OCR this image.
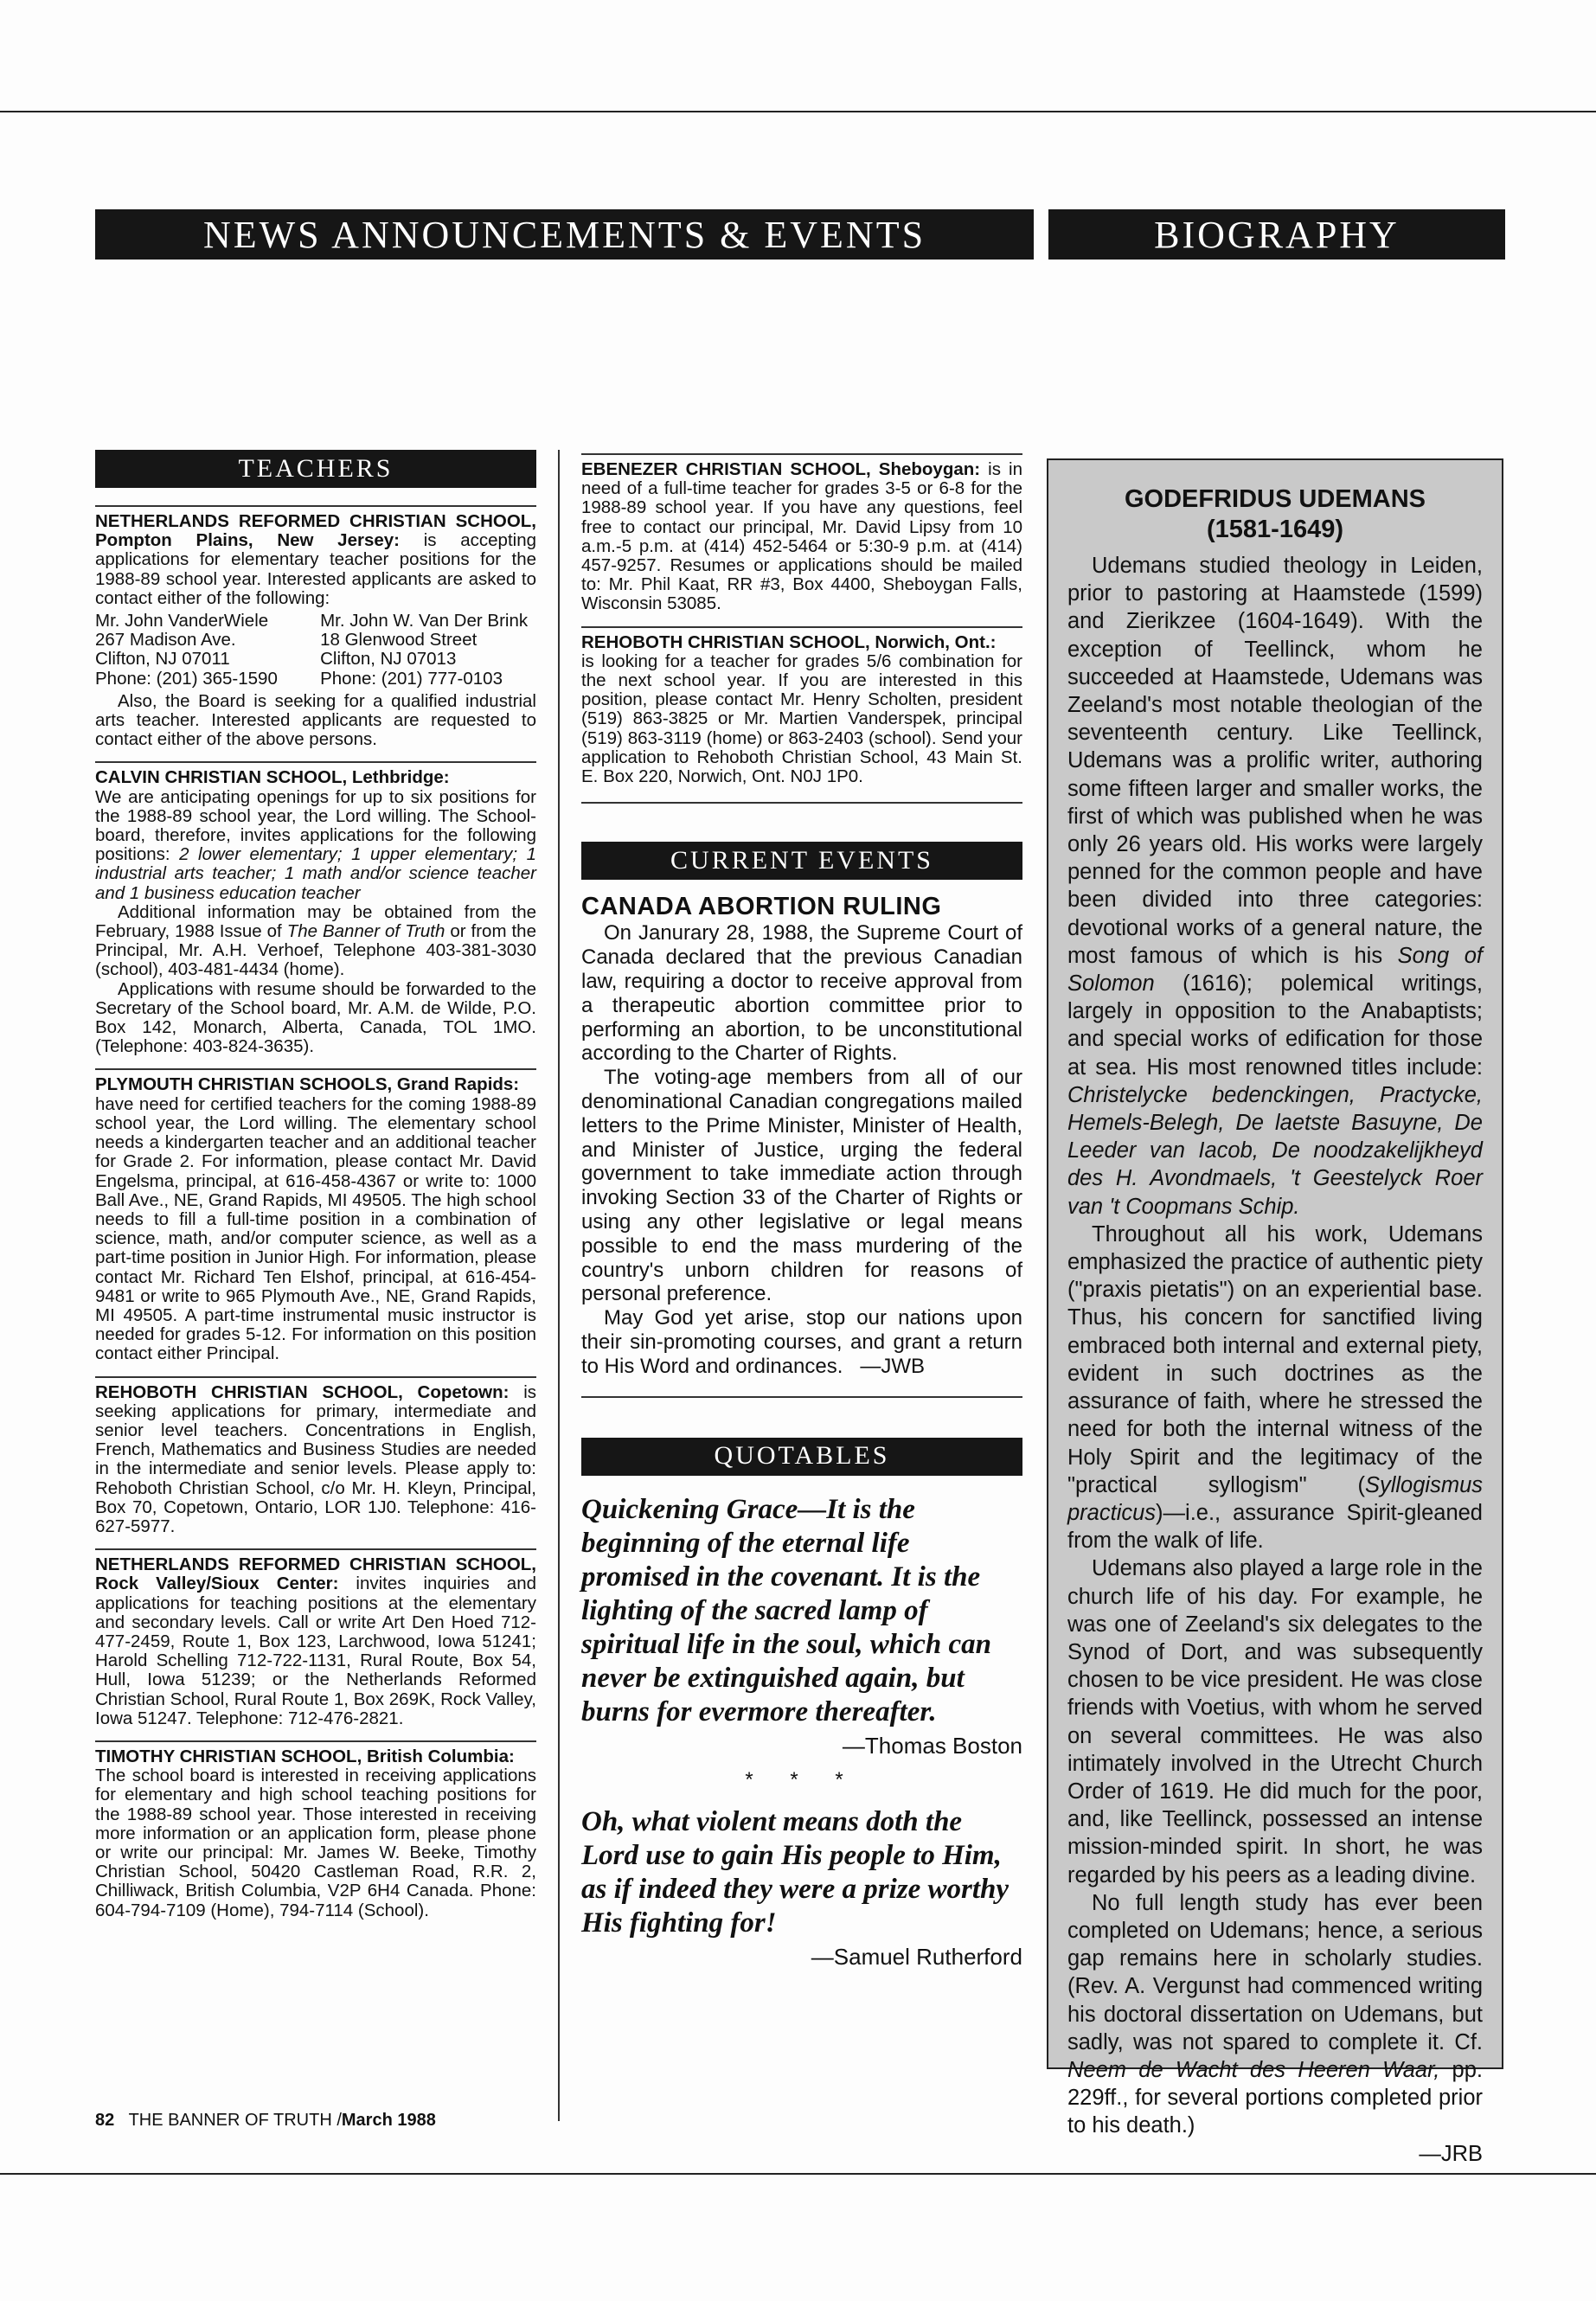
NEWS ANNOUNCEMENTS & EVENTS	BIOGRAPHY
TEACHERS

NETHERLANDS REFORMED CHRISTIAN SCHOOL, Pompton Plains, New Jersey: is accepting applications for elementary teacher positions for the 1988-89 school year. Interested applicants are asked to contact either of the following:

Mr. John VanderWiele
267 Madison Ave.
Clifton, NJ 07011
Phone: (201) 365-1590
Mr. John W. Van Der Brink
18 Glenwood Street
Clifton, NJ 07013
Phone: (201) 777-0103

Also, the Board is seeking for a qualified industrial arts teacher. Interested applicants are requested to contact either of the above persons.

CALVIN CHRISTIAN SCHOOL, Lethbridge:
We are anticipating openings for up to six positions for the 1988-89 school year, the Lord willing. The School-board, therefore, invites applications for the following positions: 2 lower elementary; 1 upper elementary; 1 industrial arts teacher; 1 math and/or science teacher and 1 business education teacher

Additional information may be obtained from the February, 1988 Issue of The Banner of Truth or from the Principal, Mr. A.H. Verhoef, Telephone 403-381-3030 (school), 403-481-4434 (home).

Applications with resume should be forwarded to the Secretary of the School board, Mr. A.M. de Wilde, P.O. Box 142, Monarch, Alberta, Canada, TOL 1MO. (Telephone: 403-824-3635).

PLYMOUTH CHRISTIAN SCHOOLS, Grand Rapids:
have need for certified teachers for the coming 1988-89 school year, the Lord willing. The elementary school needs a kindergarten teacher and an additional teacher for Grade 2. For information, please contact Mr. David Engelsma, principal, at 616-458-4367 or write to: 1000 Ball Ave., NE, Grand Rapids, MI 49505. The high school needs to fill a full-time position in a combination of science, math, and/or computer science, as well as a part-time position in Junior High. For information, please contact Mr. Richard Ten Elshof, principal, at 616-454-9481 or write to 965 Plymouth Ave., NE, Grand Rapids, MI 49505. A part-time instrumental music instructor is needed for grades 5-12. For information on this position contact either Principal.

REHOBOTH CHRISTIAN SCHOOL, Copetown: is seeking applications for primary, intermediate and senior level teachers. Concentrations in English, French, Mathematics and Business Studies are needed in the intermediate and senior levels. Please apply to: Rehoboth Christian School, c/o Mr. H. Kleyn, Principal, Box 70, Copetown, Ontario, LOR 1J0. Telephone: 416-627-5977.

NETHERLANDS REFORMED CHRISTIAN SCHOOL, Rock Valley/Sioux Center: invites inquiries and applications for teaching positions at the elementary and secondary levels. Call or write Art Den Hoed 712-477-2459, Route 1, Box 123, Larchwood, Iowa 51241; Harold Schelling 712-722-1131, Rural Route, Box 54, Hull, Iowa 51239; or the Netherlands Reformed Christian School, Rural Route 1, Box 269K, Rock Valley, Iowa 51247. Telephone: 712-476-2821.

TIMOTHY CHRISTIAN SCHOOL, British Columbia:
The school board is interested in receiving applications for elementary and high school teaching positions for the 1988-89 school year. Those interested in receiving more information or an application form, please phone or write our principal: Mr. James W. Beeke, Timothy Christian School, 50420 Castleman Road, R.R. 2, Chilliwack, British Columbia, V2P 6H4 Canada. Phone: 604-794-7109 (Home), 794-7114 (School).

EBENEZER CHRISTIAN SCHOOL, Sheboygan: is in need of a full-time teacher for grades 3-5 or 6-8 for the 1988-89 school year. If you have any questions, feel free to contact our principal, Mr. David Lipsy from 10 a.m.-5 p.m. at (414) 452-5464 or 5:30-9 p.m. at (414) 457-9257. Resumes or applications should be mailed to: Mr. Phil Kaat, RR #3, Box 4400, Sheboygan Falls, Wisconsin 53085.

REHOBOTH CHRISTIAN SCHOOL, Norwich, Ont.:
is looking for a teacher for grades 5/6 combination for the next school year. If you are interested in this position, please contact Mr. Henry Scholten, president (519) 863-3825 or Mr. Martien Vanderspek, principal (519) 863-3119 (home) or 863-2403 (school). Send your application to Rehoboth Christian School, 43 Main St. E. Box 220, Norwich, Ont. N0J 1P0.

CURRENT EVENTS
CANADA ABORTION RULING

On Janurary 28, 1988, the Supreme Court of Canada declared that the previous Canadian law, requiring a doctor to receive approval from a therapeutic abortion committee prior to performing an abortion, to be unconstitutional according to the Charter of Rights.

The voting-age members from all of our denominational Canadian congregations mailed letters to the Prime Minister, Minister of Health, and Minister of Justice, urging the federal government to take immediate action through invoking Section 33 of the Charter of Rights or using any other legislative or legal means possible to end the mass murdering of the country's unborn children for reasons of personal preference.

May God yet arise, stop our nations upon their sin-promoting courses, and grant a return to His Word and ordinances. —JWB

QUOTABLES
Quickening Grace—It is the beginning of the eternal life promised in the covenant. It is the lighting of the sacred lamp of spiritual life in the soul, which can never be extinguished again, but burns for evermore thereafter.
—Thomas Boston
* * *
Oh, what violent means doth the Lord use to gain His people to Him, as if indeed they were a prize worthy His fighting for!
—Samuel Rutherford
GODEFRIDUS UDEMANS
(1581-1649)

Udemans studied theology in Leiden, prior to pastoring at Haamstede (1599) and Zierikzee (1604-1649). With the exception of Teellinck, whom he succeeded at Haamstede, Udemans was Zeeland's most notable theologian of the seventeenth century. Like Teellinck, Udemans was a prolific writer, authoring some fifteen larger and smaller works, the first of which was published when he was only 26 years old. His works were largely penned for the common people and have been divided into three categories: devotional works of a general nature, the most famous of which is his Song of Solomon (1616); polemical writings, largely in opposition to the Anabaptists; and special works of edification for those at sea. His most renowned titles include: Christelycke bedenckingen, Practycke, Hemels-Belegh, De laetste Basuyne, De Leeder van Iacob, De noodzakelijkheyd des H. Avondmaels, 't Geestelyck Roer van 't Coopmans Schip.

Throughout all his work, Udemans emphasized the practice of authentic piety ("praxis pietatis") on an experiential base. Thus, his concern for sanctified living embraced both internal and external piety, evident in such doctrines as the assurance of faith, where he stressed the need for both the internal witness of the Holy Spirit and the legitimacy of the "practical syllogism" (Syllogismus practicus)—i.e., assurance Spirit-gleaned from the walk of life.

Udemans also played a large role in the church life of his day. For example, he was one of Zeeland's six delegates to the Synod of Dort, and was subsequently chosen to be vice president. He was close friends with Voetius, with whom he served on several committees. He was also intimately involved in the Utrecht Church Order of 1619. He did much for the poor, and, like Teellinck, possessed an intense mission-minded spirit. In short, he was regarded by his peers as a leading divine.

No full length study has ever been completed on Udemans; hence, a serious gap remains here in scholarly studies. (Rev. A. Vergunst had commenced writing his doctoral dissertation on Udemans, but sadly, was not spared to complete it. Cf. Neem de Wacht des Heeren Waar, pp. 229ff., for several portions completed prior to his death.)

—JRB
82 THE BANNER OF TRUTH /March 1988
